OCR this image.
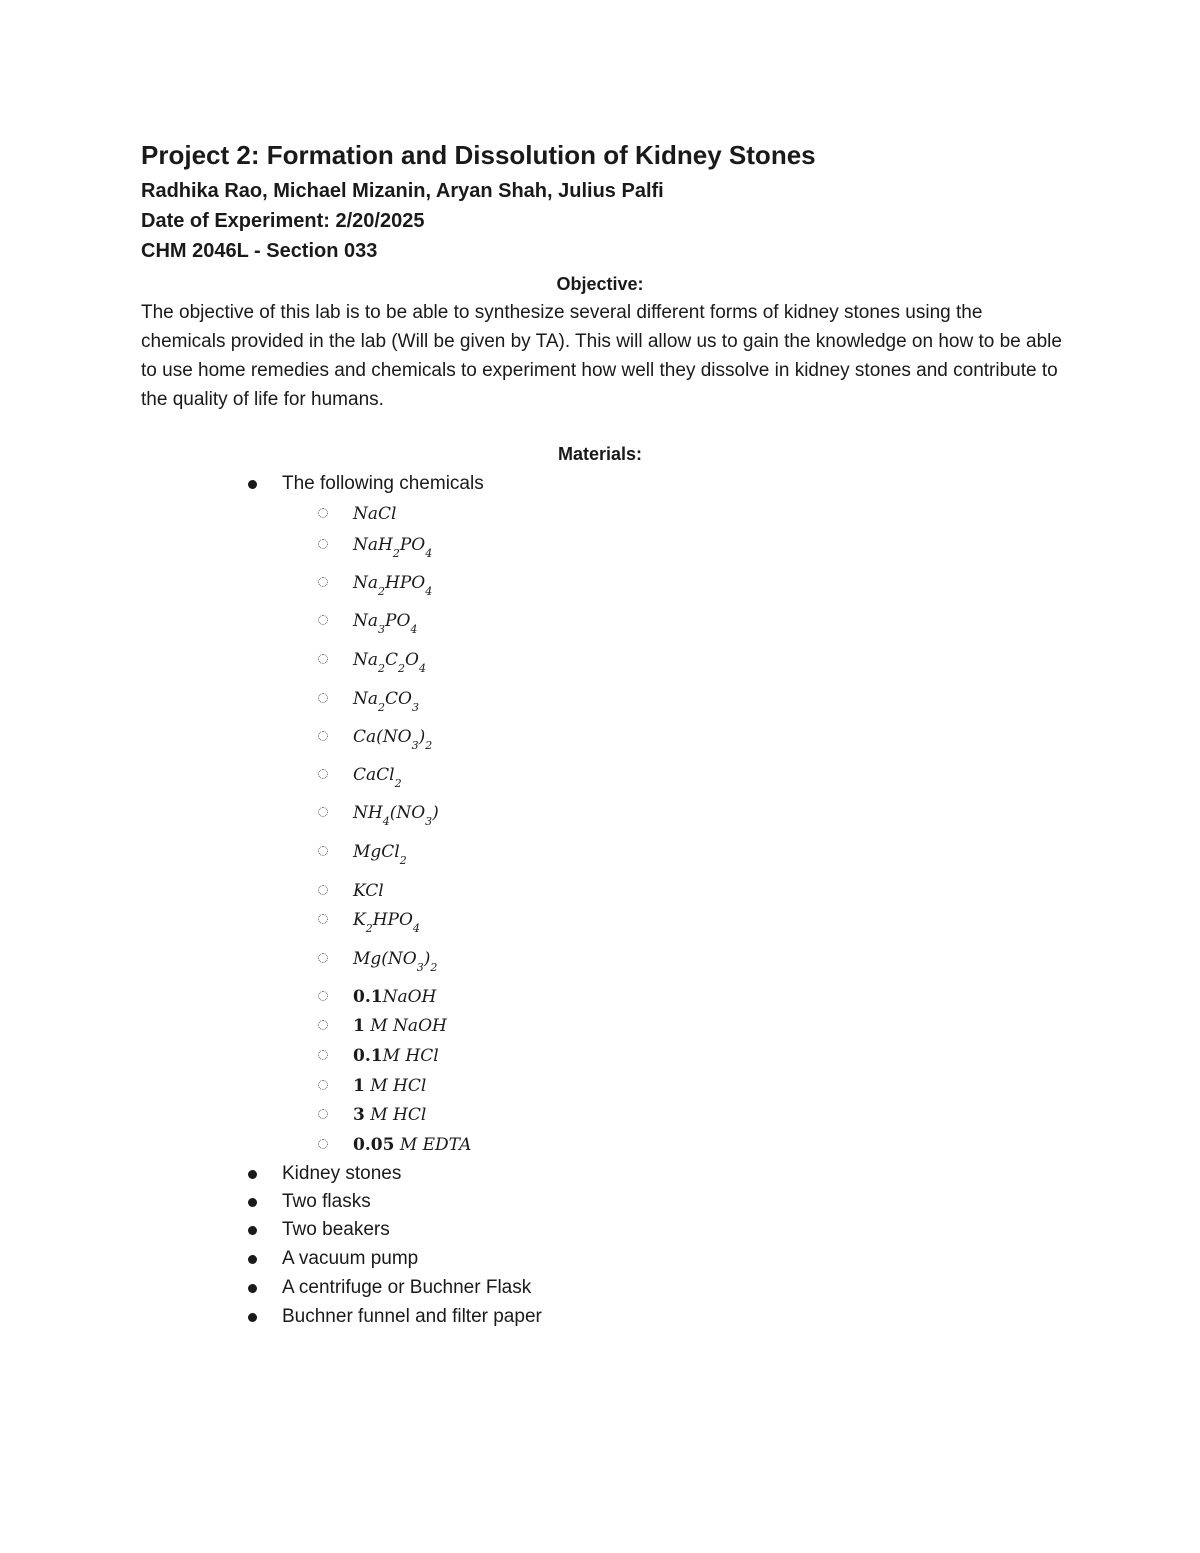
Project 2: Formation and Dissolution of Kidney Stones
Radhika Rao, Michael Mizanin, Aryan Shah, Julius Palfi
Date of Experiment: 2/20/2025
CHM 2046L - Section 033
Objective:

The objective of this lab is to be able to synthesize several different forms of kidney stones using the chemicals provided in the lab (Will be given by TA). This will allow us to gain the knowledge on how to be able to use home remedies and chemicals to experiment how well they dissolve in kidney stones and contribute to the quality of life for humans.

Materials:
The following chemicals
NaCl
$NaH_2PO_4$
$Na_2HPO_4$
$Na_3PO_4$
$Na_2C_2O_4$
$Na_2CO_3$
$Ca(NO_3)_2$
CaCl$_2$
$NH_4(NO_3)$
MgCl$_2$
KCl
$K_2HPO_4$
$Mg(NO_3)_2$
0.1NaOH
1 M NaOH
0.1M HCl
1 M HCl
3 M HCl
0.05 M EDTA
Kidney stones
Two flasks
Two beakers
A vacuum pump
A centrifuge or Buchner Flask
Buchner funnel and filter paper
